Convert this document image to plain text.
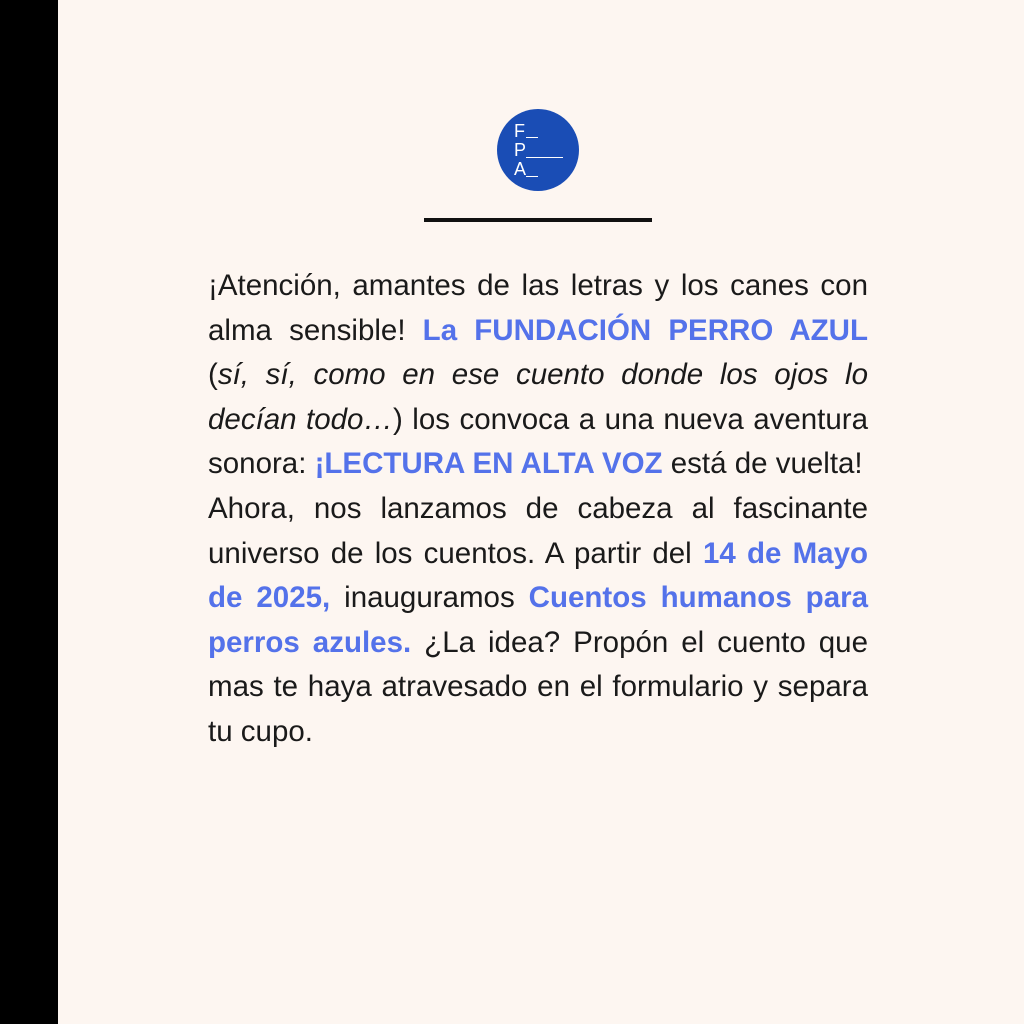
F
P
A
¡Atención, amantes de las letras y los canes con alma sensible! La FUNDACIÓN PERRO AZUL (sí, sí, como en ese cuento donde los ojos lo decían todo…) los convoca a una nueva aventura sonora: ¡LECTURA EN ALTA VOZ está de vuelta!
Ahora, nos lanzamos de cabeza al fascinante universo de los cuentos. A partir del 14 de Mayo de 2025, inauguramos Cuentos humanos para perros azules. ¿La idea? Propón el cuento que mas te haya atravesado en el formulario y separa tu cupo.
